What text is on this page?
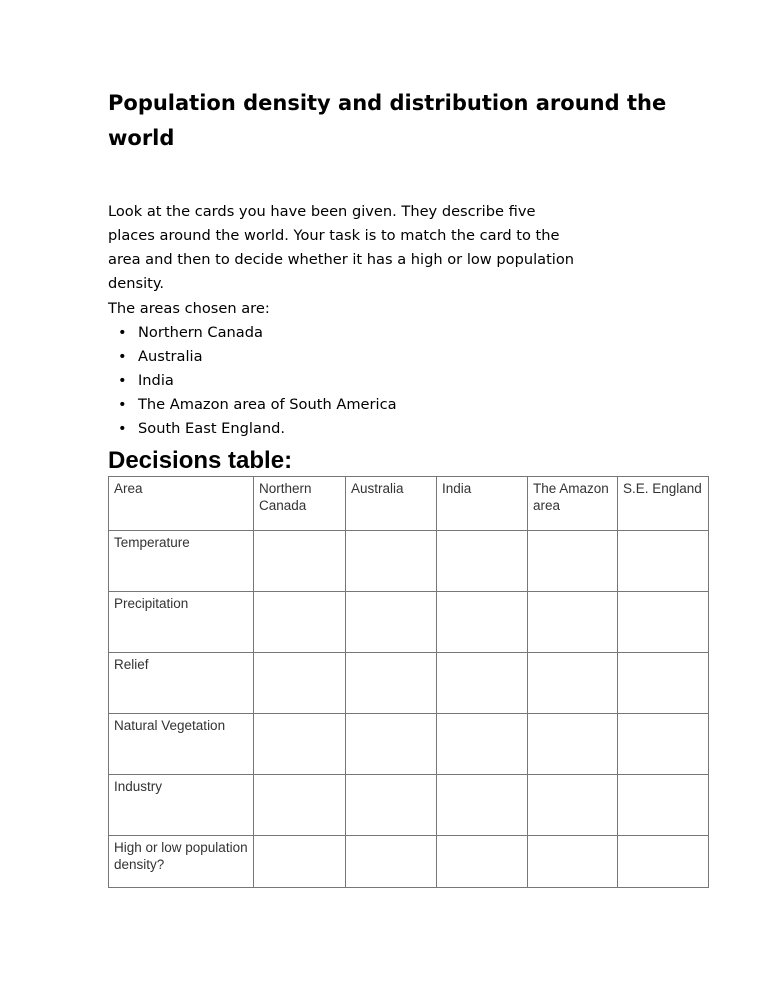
Population density and distribution around the world
Look at the cards you have been given. They describe five
places around the world. Your task is to match the card to the
area and then to decide whether it has a high or low population
density.
The areas chosen are:
• Northern Canada
• Australia
• India
• The Amazon area of South America
• South East England.
Decisions table:
Area	Northern Canada	Australia	India	The Amazon area	S.E. England
Temperature					
Precipitation					
Relief					
Natural Vegetation					
Industry					
High or low population density?					
